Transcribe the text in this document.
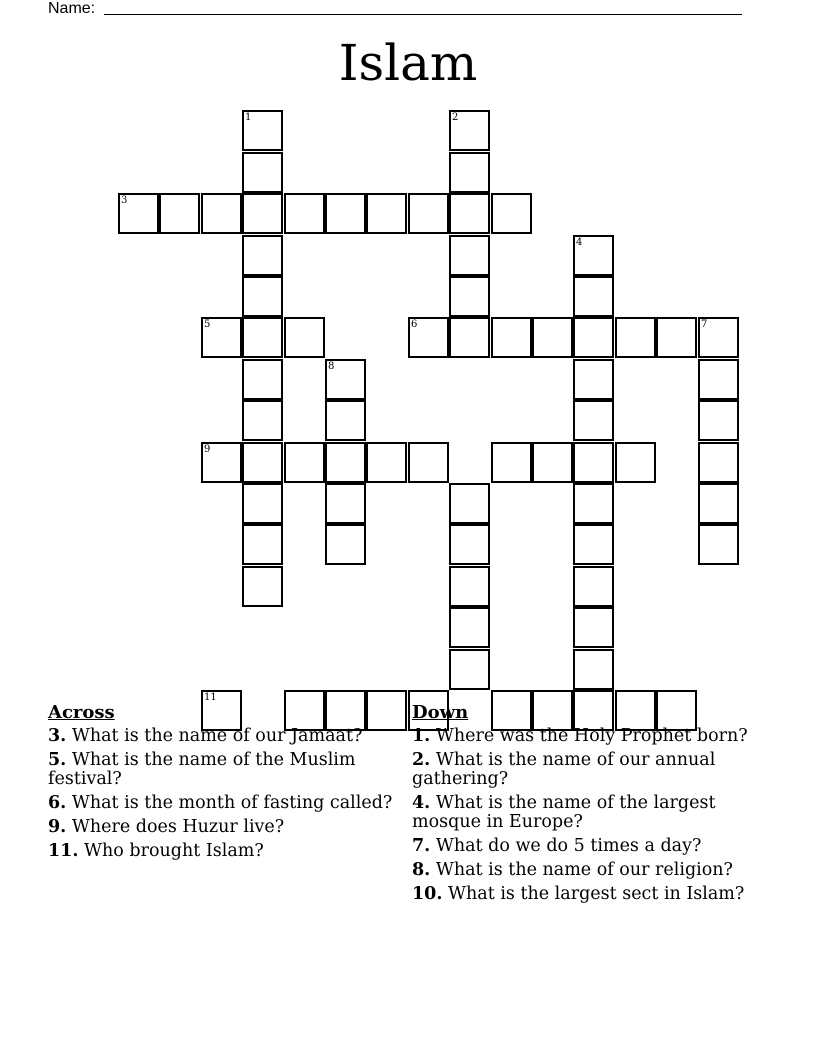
Name:
Islam
3
1	2
4
5	6	7
8
9
11
Across
3. What is the name of our Jamaat?
5. What is the name of the Muslim festival?
6. What is the month of fasting called?
9. Where does Huzur live?
11. Who brought Islam?
Down
1. Where was the Holy Prophet born?
2. What is the name of our annual gathering?
4. What is the name of the largest mosque in Europe?
7. What do we do 5 times a day?
8. What is the name of our religion?
10. What is the largest sect in Islam?
